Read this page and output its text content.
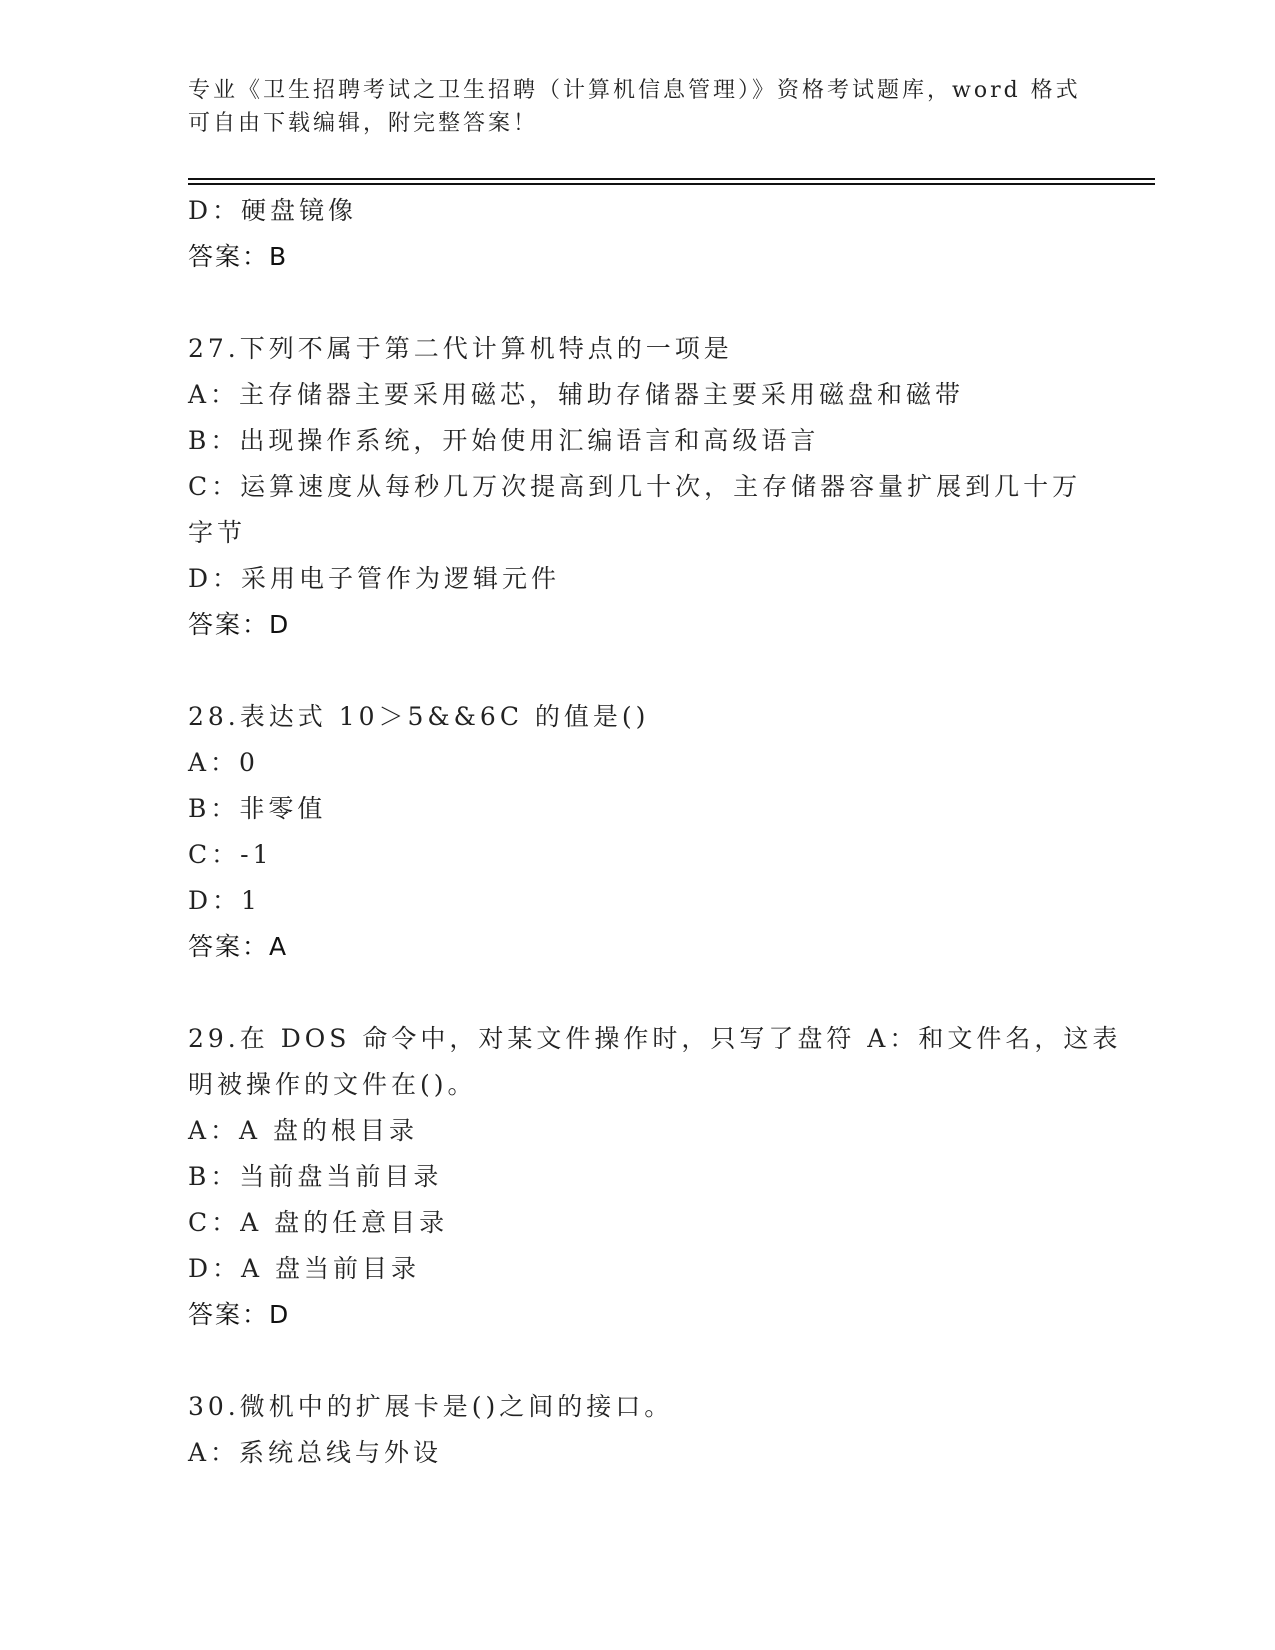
专业《卫生招聘考试之卫生招聘（计算机信息管理）》资格考试题库，word 格式
可自由下载编辑，附完整答案！
D：硬盘镜像
答案：B
27.下列不属于第二代计算机特点的一项是
A：主存储器主要采用磁芯，辅助存储器主要采用磁盘和磁带
B：出现操作系统，开始使用汇编语言和高级语言
C：运算速度从每秒几万次提高到几十次，主存储器容量扩展到几十万
字节
D：采用电子管作为逻辑元件
答案：D
28.表达式 10＞5&&6C 的值是()
A：0
B：非零值
C：-1
D：1
答案：A
29.在 DOS 命令中，对某文件操作时，只写了盘符 A：和文件名，这表
明被操作的文件在()。
A：A 盘的根目录
B：当前盘当前目录
C：A 盘的任意目录
D：A 盘当前目录
答案：D
30.微机中的扩展卡是()之间的接口。
A：系统总线与外设
